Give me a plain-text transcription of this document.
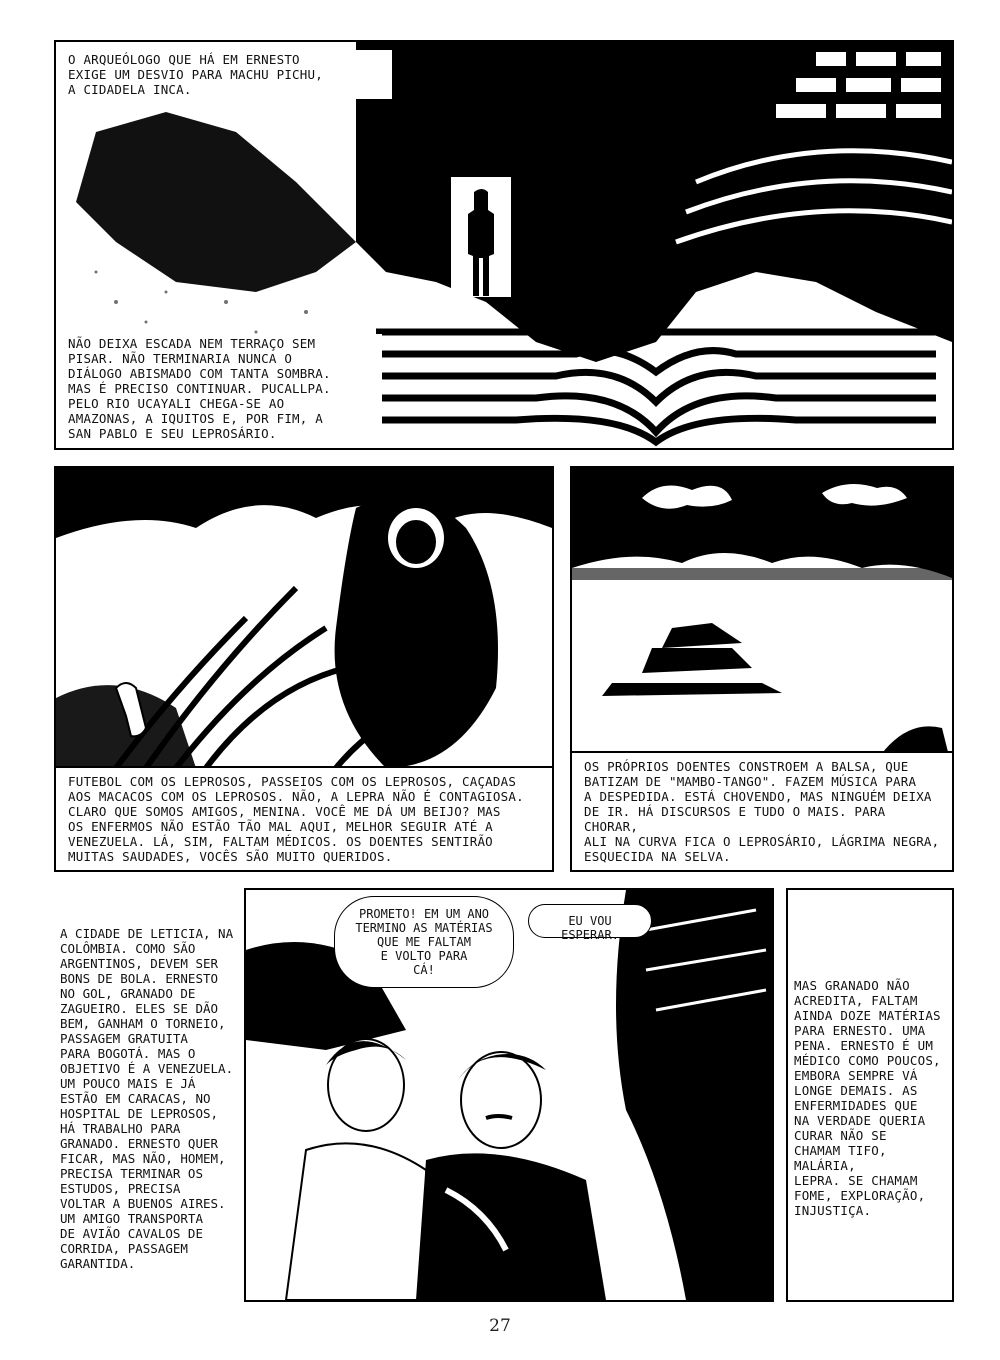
O ARQUEÓLOGO QUE HÁ EM ERNESTO
EXIGE UM DESVIO PARA MACHU PICHU,
A CIDADELA INCA.
NÃO DEIXA ESCADA NEM TERRAÇO SEM
PISAR. NÃO TERMINARIA NUNCA O
DIÁLOGO ABISMADO COM TANTA SOMBRA.
MAS É PRECISO CONTINUAR. PUCALLPA.
PELO RIO UCAYALI CHEGA-SE AO
AMAZONAS, A IQUITOS E, POR FIM, A
SAN PABLO E SEU LEPROSÁRIO.
FUTEBOL COM OS LEPROSOS, PASSEIOS COM OS LEPROSOS, CAÇADAS
AOS MACACOS COM OS LEPROSOS. NÃO, A LEPRA NÃO É CONTAGIOSA.
CLARO QUE SOMOS AMIGOS, MENINA. VOCÊ ME DÁ UM BEIJO? MAS
OS ENFERMOS NÃO ESTÃO TÃO MAL AQUI, MELHOR SEGUIR ATÉ A
VENEZUELA. LÁ, SIM, FALTAM MÉDICOS. OS DOENTES SENTIRÃO
MUITAS SAUDADES, VOCÊS SÃO MUITO QUERIDOS.
OS PRÓPRIOS DOENTES CONSTROEM A BALSA, QUE
BATIZAM DE "MAMBO-TANGO". FAZEM MÚSICA PARA
A DESPEDIDA. ESTÁ CHOVENDO, MAS NINGUÉM DEIXA
DE IR. HÁ DISCURSOS E TUDO O MAIS. PARA CHORAR,
ALI NA CURVA FICA O LEPROSÁRIO, LÁGRIMA NEGRA,
ESQUECIDA NA SELVA.
A CIDADE DE LETICIA, NA
COLÔMBIA. COMO SÃO
ARGENTINOS, DEVEM SER
BONS DE BOLA. ERNESTO
NO GOL, GRANADO DE
ZAGUEIRO. ELES SE DÃO
BEM, GANHAM O TORNEIO,
PASSAGEM GRATUITA
PARA BOGOTÁ. MAS O
OBJETIVO É A VENEZUELA.
UM POUCO MAIS E JÁ
ESTÃO EM CARACAS, NO
HOSPITAL DE LEPROSOS,
HÁ TRABALHO PARA
GRANADO. ERNESTO QUER
FICAR, MAS NÃO, HOMEM,
PRECISA TERMINAR OS
ESTUDOS, PRECISA
VOLTAR A BUENOS AIRES.
UM AMIGO TRANSPORTA
DE AVIÃO CAVALOS DE
CORRIDA, PASSAGEM
GARANTIDA.
PROMETO! EM UM ANO
TERMINO AS MATÉRIAS
QUE ME FALTAM
E VOLTO PARA
CÁ!
EU VOU ESPERAR.
MAS GRANADO NÃO
ACREDITA, FALTAM
AINDA DOZE MATÉRIAS
PARA ERNESTO. UMA
PENA. ERNESTO É UM
MÉDICO COMO POUCOS,
EMBORA SEMPRE VÁ
LONGE DEMAIS. AS
ENFERMIDADES QUE
NA VERDADE QUERIA
CURAR NÃO SE
CHAMAM TIFO, MALÁRIA,
LEPRA. SE CHAMAM
FOME, EXPLORAÇÃO,
INJUSTIÇA.
27
